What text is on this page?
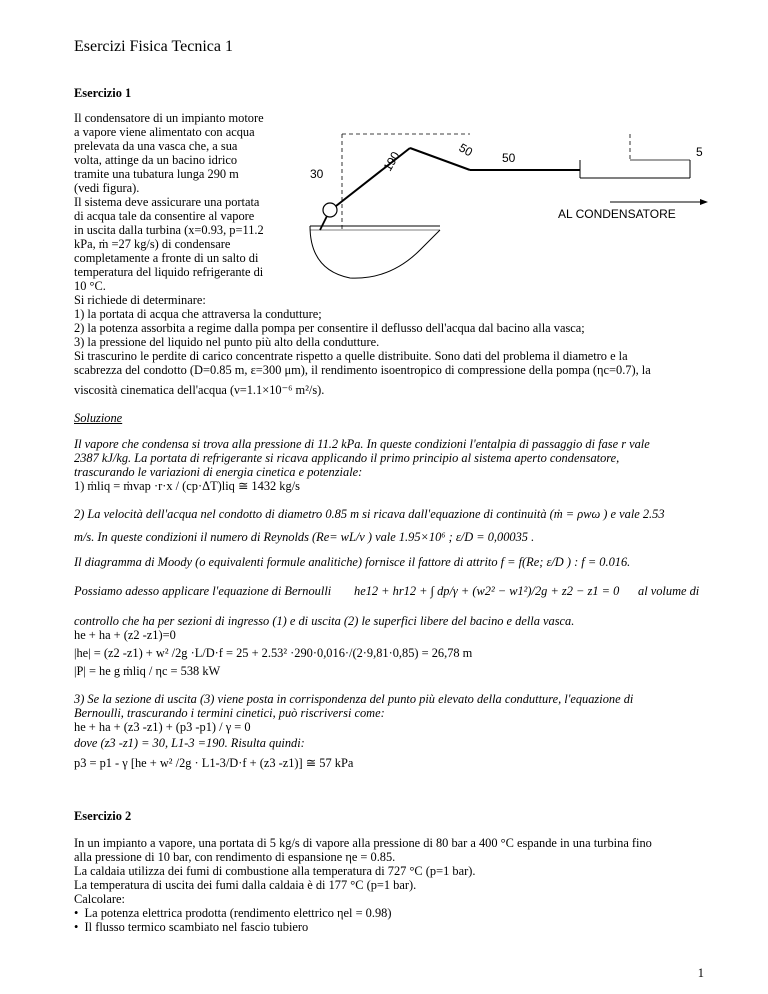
Esercizi Fisica Tecnica 1
Esercizio 1
Il condensatore di un impianto motore
a vapore viene alimentato con acqua
prelevata da una vasca che, a sua
volta, attinge da un bacino idrico
tramite una tubatura lunga 290 m
(vedi figura).
Il sistema deve assicurare una portata
di acqua tale da consentire al vapore
in uscita dalla turbina (x=0.93, p=11.2
kPa, ṁ =27 kg/s) di condensare
completamente a fronte di un salto di
temperatura del liquido refrigerante di
10 °C.
30
190	50 50	5
AL CONDENSATORE
Si richiede di determinare:
1) la portata di acqua che attraversa la condutture;
2) la potenza assorbita a regime dalla pompa per consentire il deflusso dell'acqua dal bacino alla vasca;
3) la pressione del liquido nel punto più alto della condutture.
Si trascurino le perdite di carico concentrate rispetto a quelle distribuite. Sono dati del problema il diametro e la
scabrezza del condotto (D=0.85 m, ε=300 μm), il rendimento isoentropico di compressione della pompa (ηc=0.7), la
viscosità cinematica dell'acqua (ν=1.1×10⁻⁶ m²/s).
Soluzione
Il vapore che condensa si trova alla pressione di 11.2 kPa. In queste condizioni l'entalpia di passaggio di fase r vale
2387 kJ/kg. La portata di refrigerante si ricava applicando il primo principio al sistema aperto condensatore,
trascurando le variazioni di energia cinetica e potenziale:
1) ṁliq = ṁvap ·r·x / (cp·ΔT)liq ≅ 1432 kg/s
2) La velocità dell'acqua nel condotto di diametro 0.85 m si ricava dall'equazione di continuità (ṁ = ρwω ) e vale 2.53
m/s. In queste condizioni il numero di Reynolds (Re= wL/ν ) vale 1.95×10⁶ ; ε/D = 0,00035 .
Il diagramma di Moody (o equivalenti formule analitiche) fornisce il fattore di attrito f = f(Re; ε/D ) : f = 0.016.
Possiamo adesso applicare l'equazione di Bernoulli he12 + hr12 + ∫ dp/γ + (w2² − w1²)/2g + z2 − z1 = 0 al volume di
controllo che ha per sezioni di ingresso (1) e di uscita (2) le superfici libere del bacino e della vasca.
he + ha + (z2 -z1)=0
|he| = (z2 -z1) + w² /2g ·L/D·f = 25 + 2.53² ·290·0,016·/(2·9,81·0,85) = 26,78 m
|P| = he g ṁliq / ηc = 538 kW
3) Se la sezione di uscita (3) viene posta in corrispondenza del punto più elevato della condutture, l'equazione di
Bernoulli, trascurando i termini cinetici, può riscriversi come:
he + ha + (z3 -z1) + (p3 -p1) / γ = 0
dove (z3 -z1) = 30, L1-3 =190. Risulta quindi:
p3 = p1 - γ [he + w² /2g · L1-3/D·f + (z3 -z1)] ≅ 57 kPa
Esercizio 2
In un impianto a vapore, una portata di 5 kg/s di vapore alla pressione di 80 bar a 400 °C espande in una turbina fino
alla pressione di 10 bar, con rendimento di espansione ηe = 0.85.
La caldaia utilizza dei fumi di combustione alla temperatura di 727 °C (p=1 bar).
La temperatura di uscita dei fumi dalla caldaia è di 177 °C (p=1 bar).
Calcolare:
• La potenza elettrica prodotta (rendimento elettrico ηel = 0.98)
• Il flusso termico scambiato nel fascio tubiero
1
